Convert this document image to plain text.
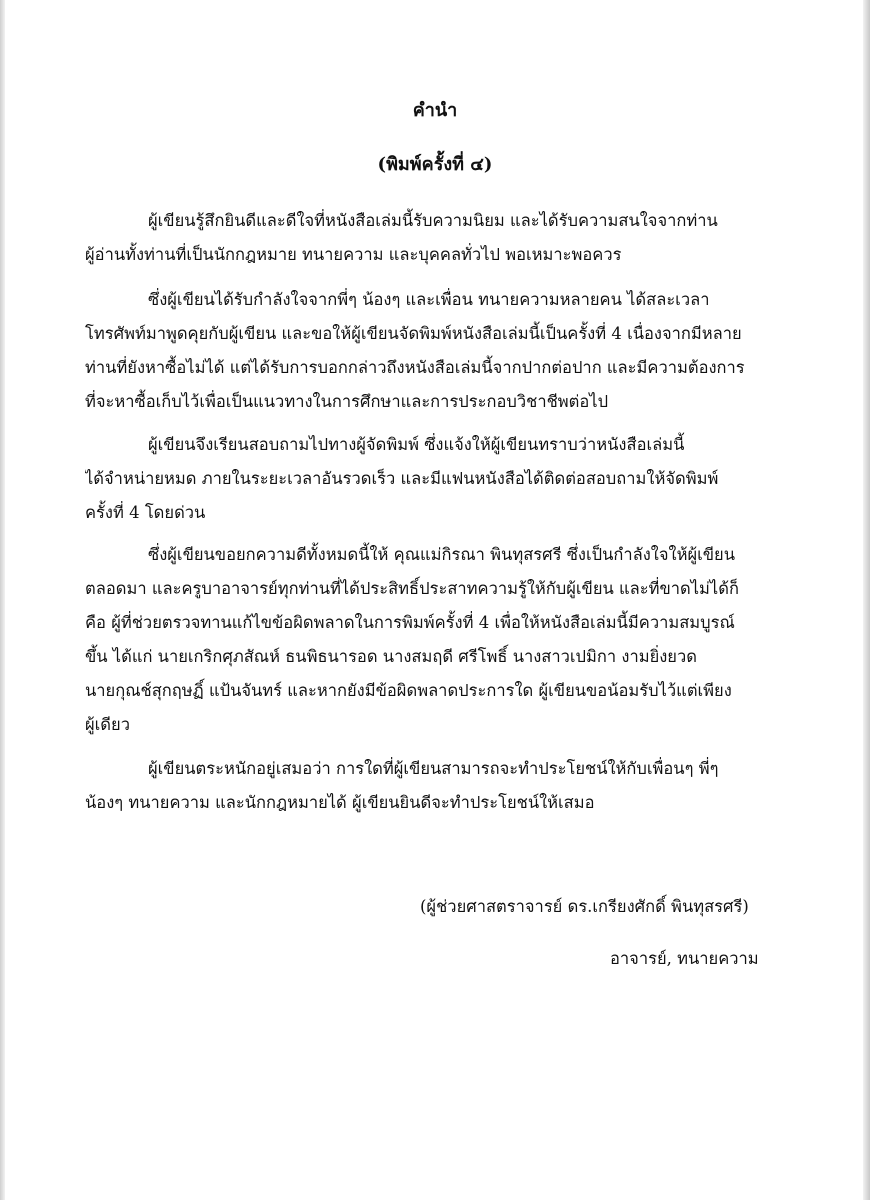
คำนำ
(พิมพ์ครั้งที่ ๔)
ผู้เขียนรู้สึกยินดีและดีใจที่หนังสือเล่มนี้รับความนิยม และได้รับความสนใจจากท่าน
ผู้อ่านทั้งท่านที่เป็นนักกฎหมาย ทนายความ และบุคคลทั่วไป พอเหมาะพอควร
ซึ่งผู้เขียนได้รับกำลังใจจากพี่ๆ น้องๆ และเพื่อน ทนายความหลายคน ได้สละเวลา
โทรศัพท์มาพูดคุยกับผู้เขียน และขอให้ผู้เขียนจัดพิมพ์หนังสือเล่มนี้เป็นครั้งที่ 4 เนื่องจากมีหลาย
ท่านที่ยังหาซื้อไม่ได้ แต่ได้รับการบอกกล่าวถึงหนังสือเล่มนี้จากปากต่อปาก และมีความต้องการ
ที่จะหาซื้อเก็บไว้เพื่อเป็นแนวทางในการศึกษาและการประกอบวิชาชีพต่อไป
ผู้เขียนจึงเรียนสอบถามไปทางผู้จัดพิมพ์ ซึ่งแจ้งให้ผู้เขียนทราบว่าหนังสือเล่มนี้
ได้จำหน่ายหมด ภายในระยะเวลาอันรวดเร็ว และมีแฟนหนังสือได้ติดต่อสอบถามให้จัดพิมพ์
ครั้งที่ 4 โดยด่วน
ซึ่งผู้เขียนขอยกความดีทั้งหมดนี้ให้ คุณแม่กิรณา พินทุสรศรี ซึ่งเป็นกำลังใจให้ผู้เขียน
ตลอดมา และครูบาอาจารย์ทุกท่านที่ได้ประสิทธิ์ประสาทความรู้ให้กับผู้เขียน และที่ขาดไม่ได้ก็
คือ ผู้ที่ช่วยตรวจทานแก้ไขข้อผิดพลาดในการพิมพ์ครั้งที่ 4 เพื่อให้หนังสือเล่มนี้มีความสมบูรณ์
ขึ้น ได้แก่ นายเกริกศุภสัณห์ ธนพิธนารอด นางสมฤดี ศรีโพธิ์ นางสาวเปมิกา งามยิ่งยวด
นายกุณช์สุกฤษฏิ์ แป้นจันทร์ และหากยังมีข้อผิดพลาดประการใด ผู้เขียนขอน้อมรับไว้แต่เพียง
ผู้เดียว
ผู้เขียนตระหนักอยู่เสมอว่า การใดที่ผู้เขียนสามารถจะทำประโยชน์ให้กับเพื่อนๆ พี่ๆ
น้องๆ ทนายความ และนักกฎหมายได้ ผู้เขียนยินดีจะทำประโยชน์ให้เสมอ
(ผู้ช่วยศาสตราจารย์ ดร.เกรียงศักดิ์ พินทุสรศรี)
อาจารย์, ทนายความ
